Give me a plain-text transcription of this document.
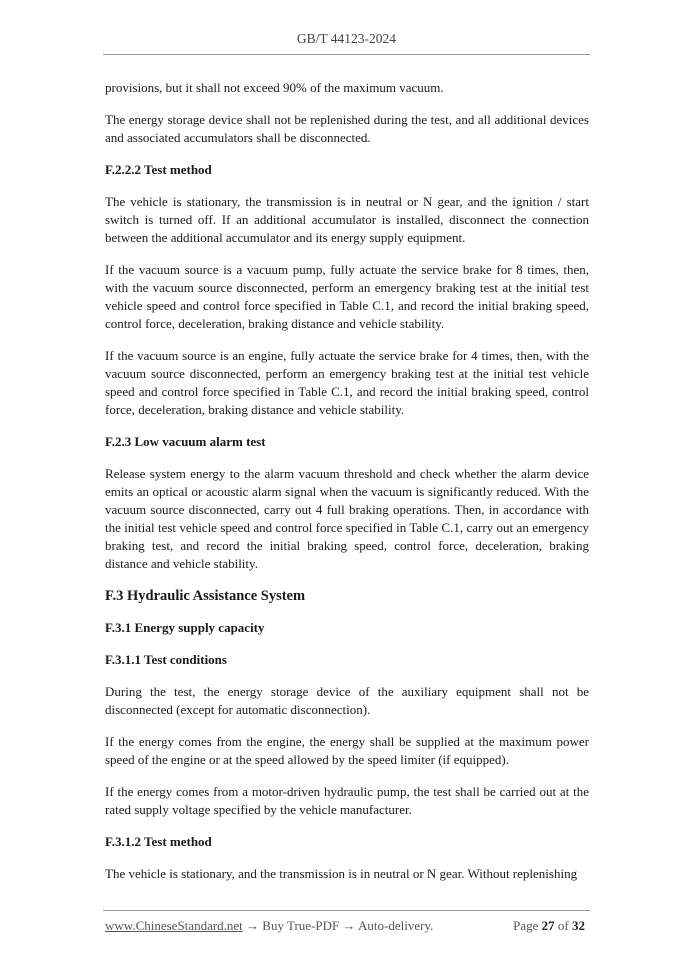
GB/T 44123-2024

provisions, but it shall not exceed 90% of the maximum vacuum.

The energy storage device shall not be replenished during the test, and all additional devices and associated accumulators shall be disconnected.

F.2.2.2 Test method

The vehicle is stationary, the transmission is in neutral or N gear, and the ignition / start switch is turned off. If an additional accumulator is installed, disconnect the connection between the additional accumulator and its energy supply equipment.

If the vacuum source is a vacuum pump, fully actuate the service brake for 8 times, then, with the vacuum source disconnected, perform an emergency braking test at the initial test vehicle speed and control force specified in Table C.1, and record the initial braking speed, control force, deceleration, braking distance and vehicle stability.

If the vacuum source is an engine, fully actuate the service brake for 4 times, then, with the vacuum source disconnected, perform an emergency braking test at the initial test vehicle speed and control force specified in Table C.1, and record the initial braking speed, control force, deceleration, braking distance and vehicle stability.

F.2.3 Low vacuum alarm test

Release system energy to the alarm vacuum threshold and check whether the alarm device emits an optical or acoustic alarm signal when the vacuum is significantly reduced. With the vacuum source disconnected, carry out 4 full braking operations. Then, in accordance with the initial test vehicle speed and control force specified in Table C.1, carry out an emergency braking test, and record the initial braking speed, control force, deceleration, braking distance and vehicle stability.

F.3 Hydraulic Assistance System
F.3.1 Energy supply capacity
F.3.1.1 Test conditions

During the test, the energy storage device of the auxiliary equipment shall not be disconnected (except for automatic disconnection).

If the energy comes from the engine, the energy shall be supplied at the maximum power speed of the engine or at the speed allowed by the speed limiter (if equipped).

If the energy comes from a motor-driven hydraulic pump, the test shall be carried out at the rated supply voltage specified by the vehicle manufacturer.

F.3.1.2 Test method

The vehicle is stationary, and the transmission is in neutral or N gear. Without replenishing

www.ChineseStandard.net → Buy True-PDF → Auto-delivery.	Page 27 of 32
